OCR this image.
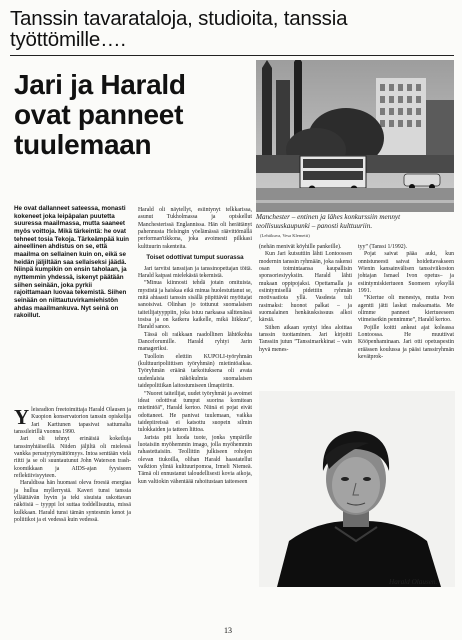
Tanssin tavarataloja, studioita, tanssia työttömille….
Jari ja Harald ovat panneet tuulemaan
Manchester – entinen ja lähes konkurssiin mennyt teollisuuskaupunki – panosti kulttuuriin.
(Lehtikuva, Vesa Klemetti)
He ovat dallanneet sateessa, monasti kokeneet joka leipäpalan puutetta suuressa maailmassa, mutta saaneet myös voittoja. Mikä tärkeintä: he ovat tehneet tosia Tekoja. Tärkeämpää kuin aineellinen ahdistus on se, että maailma on sellainen kuin on, eikä se heidän jäljiltään saa sellaiseksi jäädä. Niinpä kumpikin on ensin taholaan, ja nyttemmin yhdessä, iskenyt päätään siihen seinään, joka pyrkii rajoittamaan luovaa tekemistä. Siihen seinään on niittautuvirkamiehistön ahdas maailmankuva. Nyt seinä on rakoillut.

Yleisradion freetoimittaja Harald Olausen ja Kuopion konservatorion tanssin opiskelija Jari Karttunen tapasivat sattumalta tanssileirillä vuonna 1990.

Jari oli tehnyt erinäisiä kokeiluja tanssinyhtäiseillä. Niiden jäljiltä oli mielessä vankka perustyytymättömyys. Intoa senttään vielä riitti ja se oli suuntautunut John Waterson trash-koomikkaan ja AIDS-ajan fyysiseen reflektiivisyyteen.

Haraldissa hän huomasi oleva froesiä energiaa ja hullua myllerrystä. Kaveri tunsi tanssia ylläättävän hyvin ja teki sisuista uskottavan näköisiä – tyyppi loi suttaa toddellisuutta, missä kulkkaan. Harald tunsi tämän syntesmin kenot ja poliitikot ja ei vedessä kuin vedessä.

Harald oli näytellyt, esiintynyt telkkarissa, asunut Tukholmassa ja opiskellut Manchesterissä Englannissa. Hän oli herättänyt pahennusta Helsingin yöelämässä räävittömällä performan'tikkona, joka avoimesti pilkkasi kulttuurin rakenteita.

Toiset odottivat tumput suorassa

Jari tarvitsi tanssijan ja tanssinopettajan töitä. Harald kaipasi mielekästä tekemistä.

”Minua kiinnosti tehdä jotain omituista, mystistä ja haiskaa eikä minua huolestuttanut se, mitä ahtaasti tanssin sisällä piipittävät myöttajat sanoisivat. Olinhan jo tottunut suomalaisen taiteilijatyyppiin, joka istuu narkaasa sälttenässä tosisa ja on katkera kaikelle, mikä liikkuu”, Harald sanoo.

Tässä oli raikkaan raadollinen lähtökohta Danceforumille. Harald ryhtyi Jarin manageriksi.

Tuolloin elettiin KUPOLI-työryhmän (kulttuuripoliittisen työryhmän) mietintöaikaa. Työryhmän eräänä tarkoituksena oli avata uudenlaisia näkökulmia suomalaisen taidepolitiikan laitostumiseen ilmapiiriin.

”Nuoret taiteilijat, uudet työryhmät ja avoimet ideat odottivat tumput suorina komitean mietintöä”, Harald kertoo. Niinä ei pojat eivät odottaneet. He panivat tuulemaan, vaikka taidepiireissä ei katsottu suopein silmin tulokkaiden ja tatteen liittoa.

Jarista piti luoda tuote, jonka ympärille luotaisiin myöhemmin imago, jolla myöhemmin rahastettaisiin. Teollittin julkiseen rohojen olevan tiukoilla, olihan Harald haastatellut vaiktion ylintä kulttuuripomoa, Irmeli Niemeä. Tämä oli ennustanut taloudellisesti kovia aikoja, kun valtiokin vähentäää rahoitustaan taiteeseen

(nehän menivät köyhille pankeille).

Kun Jari kutsuttiin lähti Lontoossen modernin tanssin ryhmään, joka rakensi osan toimintaansa kaupallisin sponsoriesiyyksiin. Harald lähti mukaan oppipojaksi. Opettamalla ja esiintymisellä pidettiin ryhmän motivaatiota yllä. Vasdesta tuli rasimaksi: huonot palkat – ja suomalainen henkäusksissuus alkoi kärsiä.

Siihen aikaan syntyi idea aloittaa tanssin tuottaminen. Jari kirjoitti Tanssiin jutun ”Tanssimarkkinat – vain hyvä menes-

tyy” (Tanssi 1/1992).

Pojat saivat pääa auki, kun onnistuneesti saivat hoidettavakseen Wienin kansainvälisen tanssiviikoston johtajan Ismael Ivon opetus– ja esiintymiskiertueen Suomeen syksyllä 1991.

”Kiertue oli menestys, mutta Ivon agentti jätti laskut maksamatta. Me olimme panneet kiertueeseen viimeisetkin pennimme”, Harald kertoo.

Pojille koitti ankeat ajat koleassa Lontoossa. He muuttivat Kööpenhaminaan. Jari otti opetuspestin eräässen koulussa ja pääsi tanssiryhmän kevätprok-

Harald Olausen.
13
